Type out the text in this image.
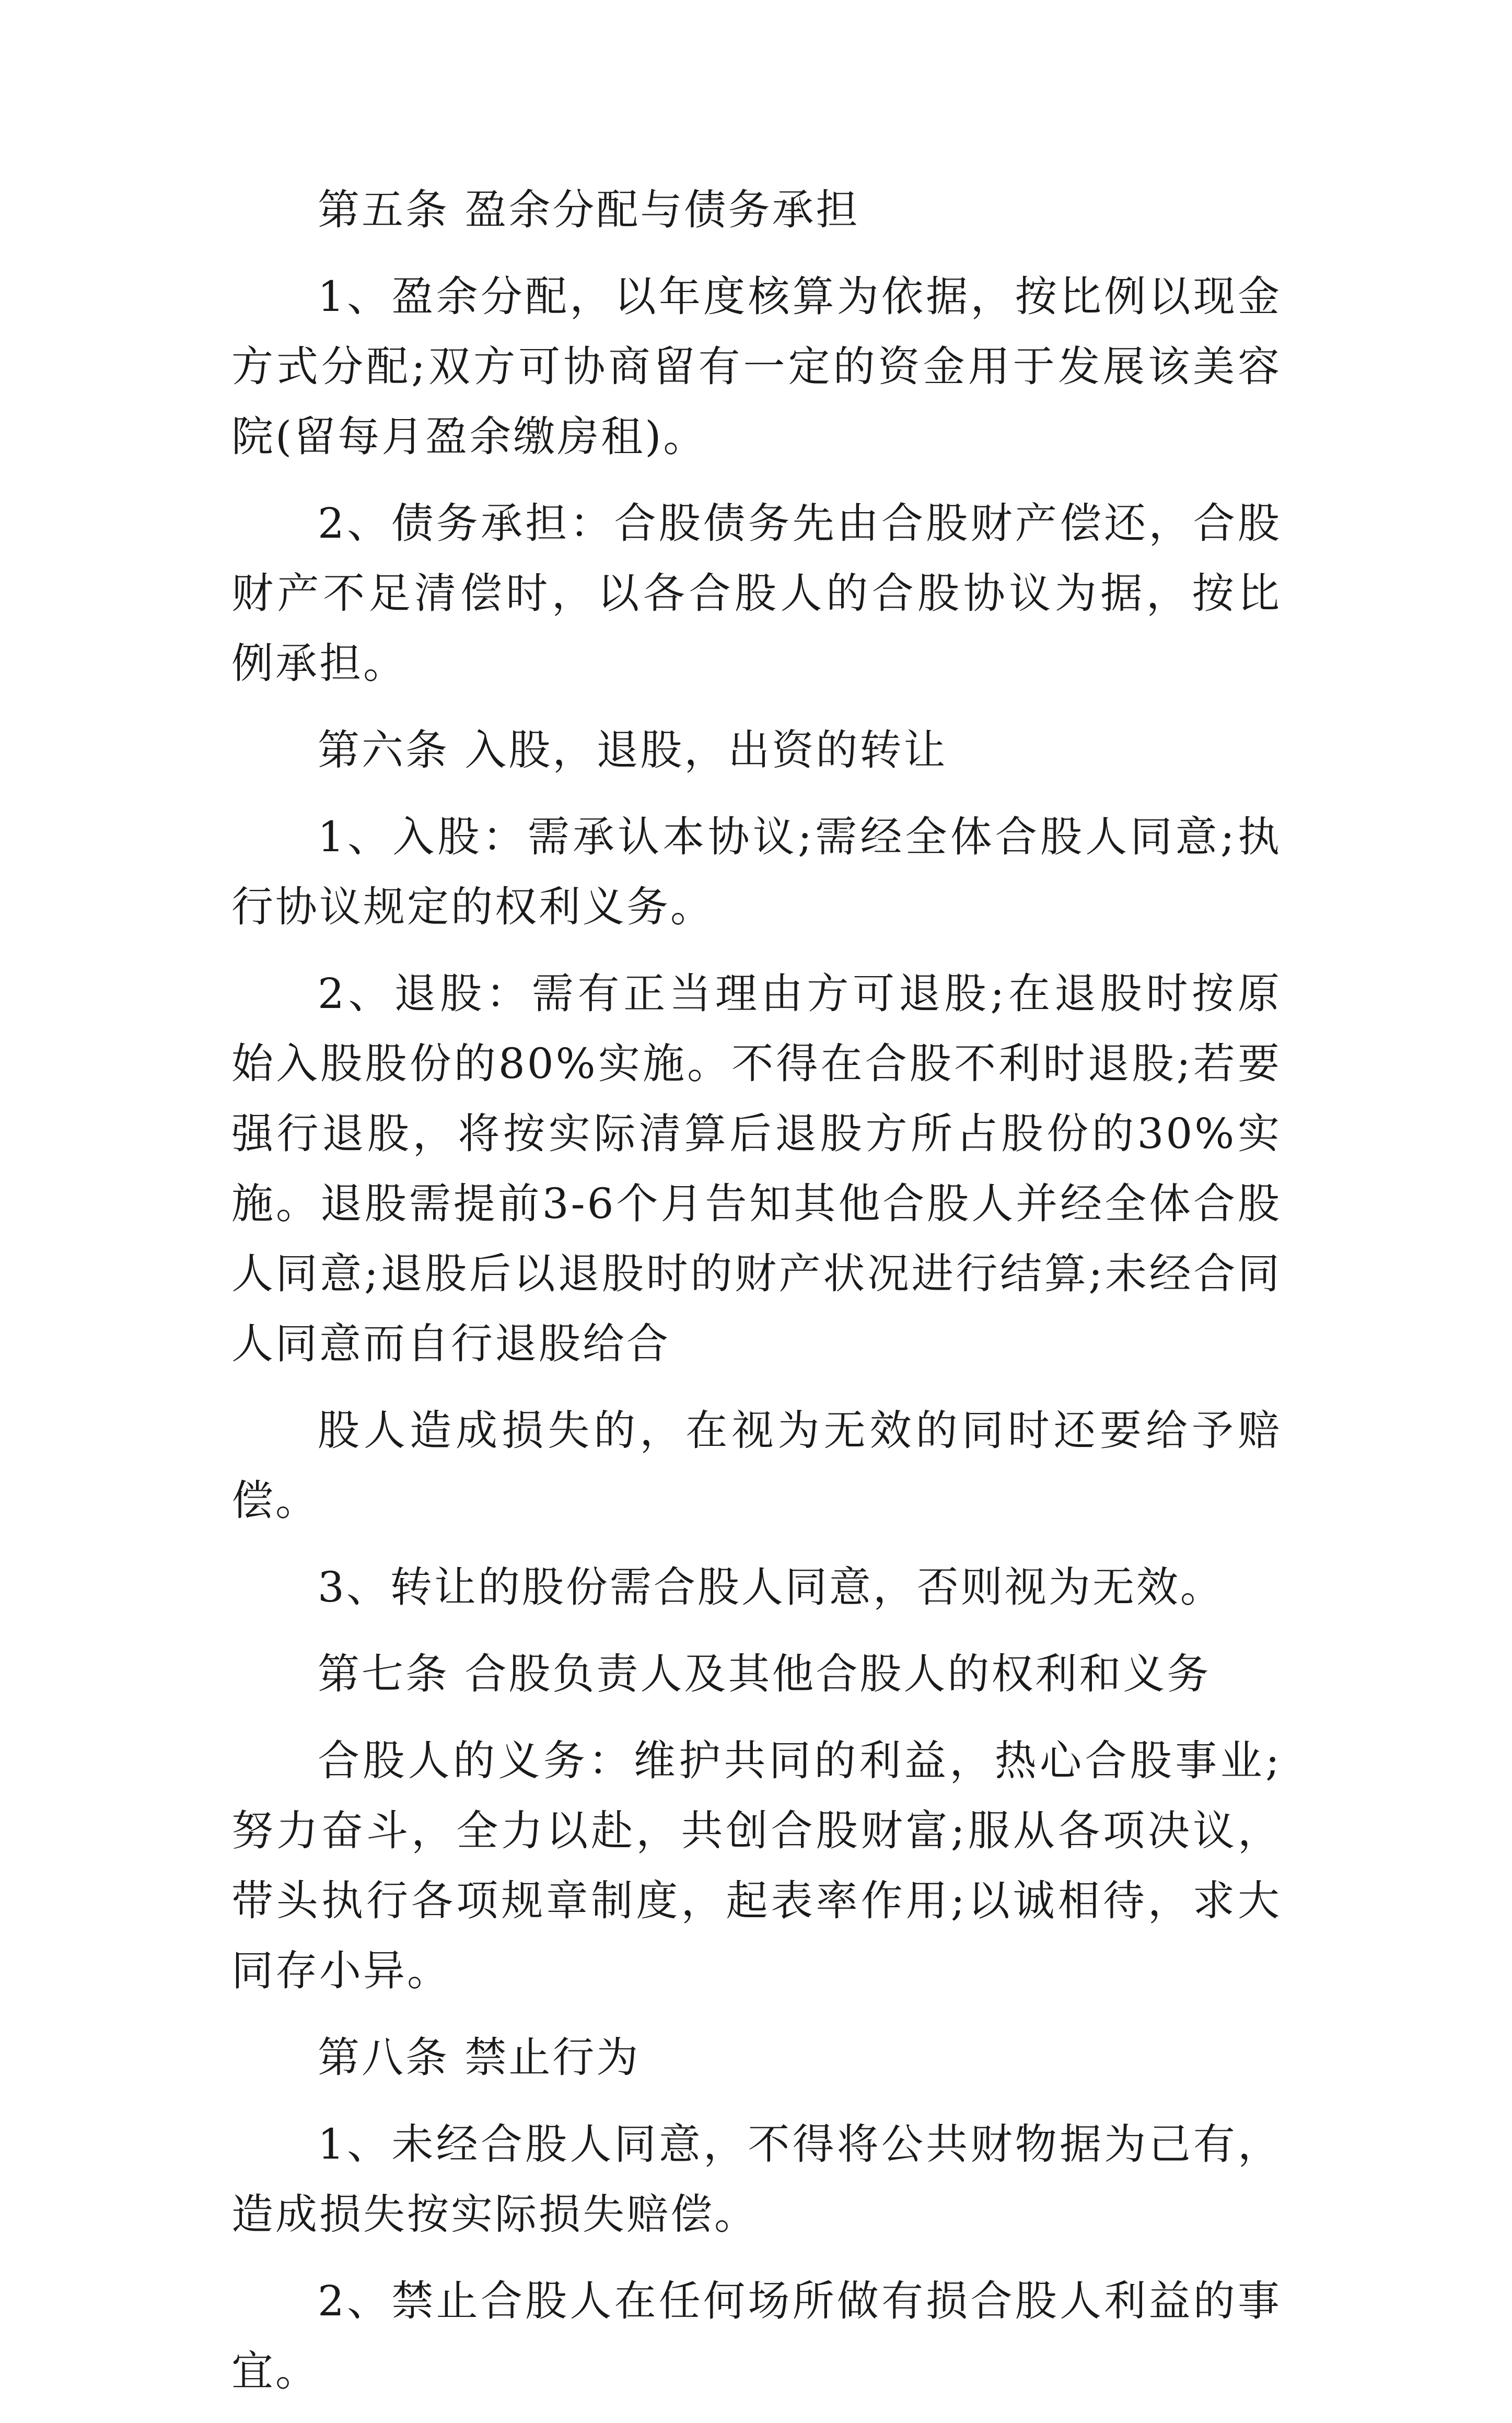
第五条 盈余分配与债务承担

1、盈余分配，以年度核算为依据，按比例以现金方式分配;双方可协商留有一定的资金用于发展该美容院(留每月盈余缴房租)。

2、债务承担：合股债务先由合股财产偿还，合股财产不足清偿时，以各合股人的合股协议为据，按比例承担。

第六条 入股，退股，出资的转让

1、入股：需承认本协议;需经全体合股人同意;执行协议规定的权利义务。

2、退股：需有正当理由方可退股;在退股时按原始入股股份的80%实施。不得在合股不利时退股;若要强行退股，将按实际清算后退股方所占股份的30%实施。退股需提前3-6个月告知其他合股人并经全体合股人同意;退股后以退股时的财产状况进行结算;未经合同人同意而自行退股给合

股人造成损失的，在视为无效的同时还要给予赔偿。

3、转让的股份需合股人同意，否则视为无效。

第七条 合股负责人及其他合股人的权利和义务

合股人的义务：维护共同的利益，热心合股事业;努力奋斗，全力以赴，共创合股财富;服从各项决议，带头执行各项规章制度，起表率作用;以诚相待，求大同存小异。

第八条 禁止行为

1、未经合股人同意，不得将公共财物据为己有，造成损失按实际损失赔偿。

2、禁止合股人在任何场所做有损合股人利益的事宜。
